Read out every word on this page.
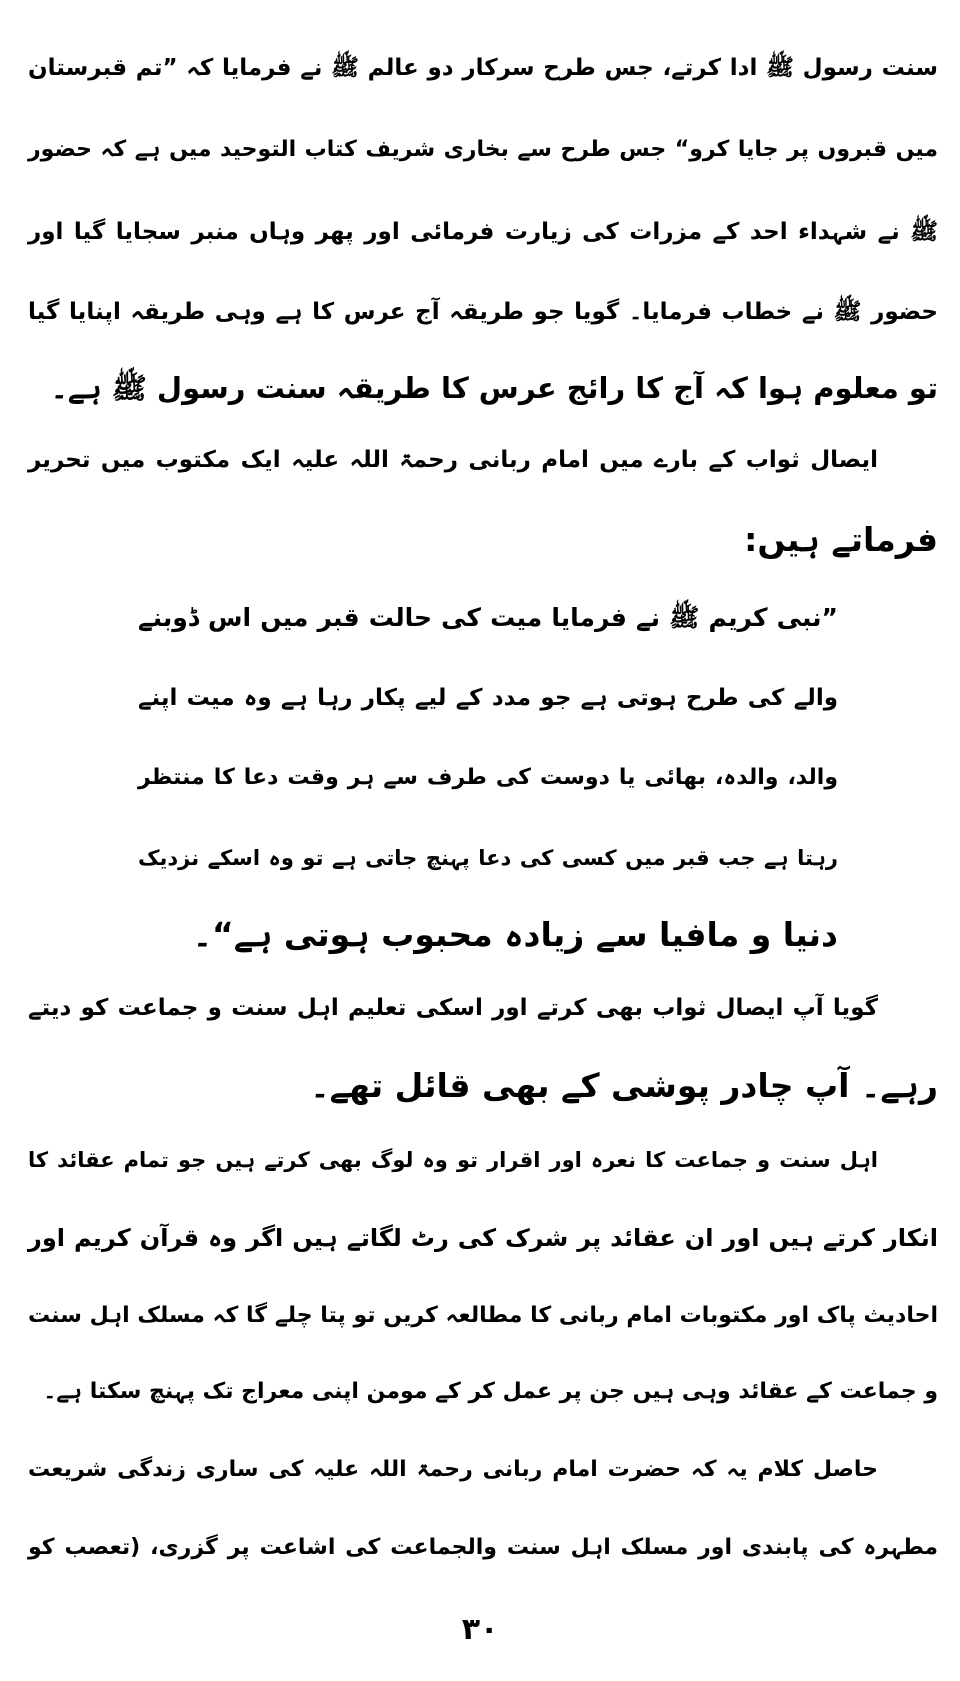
سنت رسول ﷺ ادا کرتے، جس طرح سرکار دو عالم ﷺ نے فرمایا کہ ”تم قبرستان
میں قبروں پر جایا کرو“ جس طرح سے بخاری شریف کتاب التوحید میں ہے کہ حضور
ﷺ نے شہداء احد کے مزرات کی زیارت فرمائی اور پھر وہاں منبر سجایا گیا اور
حضور ﷺ نے خطاب فرمایا۔ گویا جو طریقہ آج عرس کا ہے وہی طریقہ اپنایا گیا
تو معلوم ہوا کہ آج کا رائج عرس کا طریقہ سنت رسول ﷺ ہے۔
ایصال ثواب کے بارے میں امام ربانی رحمۃ اللہ علیہ ایک مکتوب میں تحریر
فرماتے ہیں:
”نبی کریم ﷺ نے فرمایا میت کی حالت قبر میں اس ڈوبنے
والے کی طرح ہوتی ہے جو مدد کے لیے پکار رہا ہے وہ میت اپنے
والد، والدہ، بھائی یا دوست کی طرف سے ہر وقت دعا کا منتظر
رہتا ہے جب قبر میں کسی کی دعا پہنچ جاتی ہے تو وہ اسکے نزدیک
دنیا و مافیا سے زیادہ محبوب ہوتی ہے“۔
گویا آپ ایصال ثواب بھی کرتے اور اسکی تعلیم اہل سنت و جماعت کو دیتے
رہے۔ آپ چادر پوشی کے بھی قائل تھے۔
اہل سنت و جماعت کا نعرہ اور اقرار تو وہ لوگ بھی کرتے ہیں جو تمام عقائد کا
انکار کرتے ہیں اور ان عقائد پر شرک کی رٹ لگاتے ہیں اگر وہ قرآن کریم اور
احادیث پاک اور مکتوبات امام ربانی کا مطالعہ کریں تو پتا چلے گا کہ مسلک اہل سنت
و جماعت کے عقائد وہی ہیں جن پر عمل کر کے مومن اپنی معراج تک پہنچ سکتا ہے۔
حاصل کلام یہ کہ حضرت امام ربانی رحمۃ اللہ علیہ کی ساری زندگی شریعت
مطہرہ کی پابندی اور مسلک اہل سنت والجماعت کی اشاعت پر گزری، (تعصب کو
۳۰
